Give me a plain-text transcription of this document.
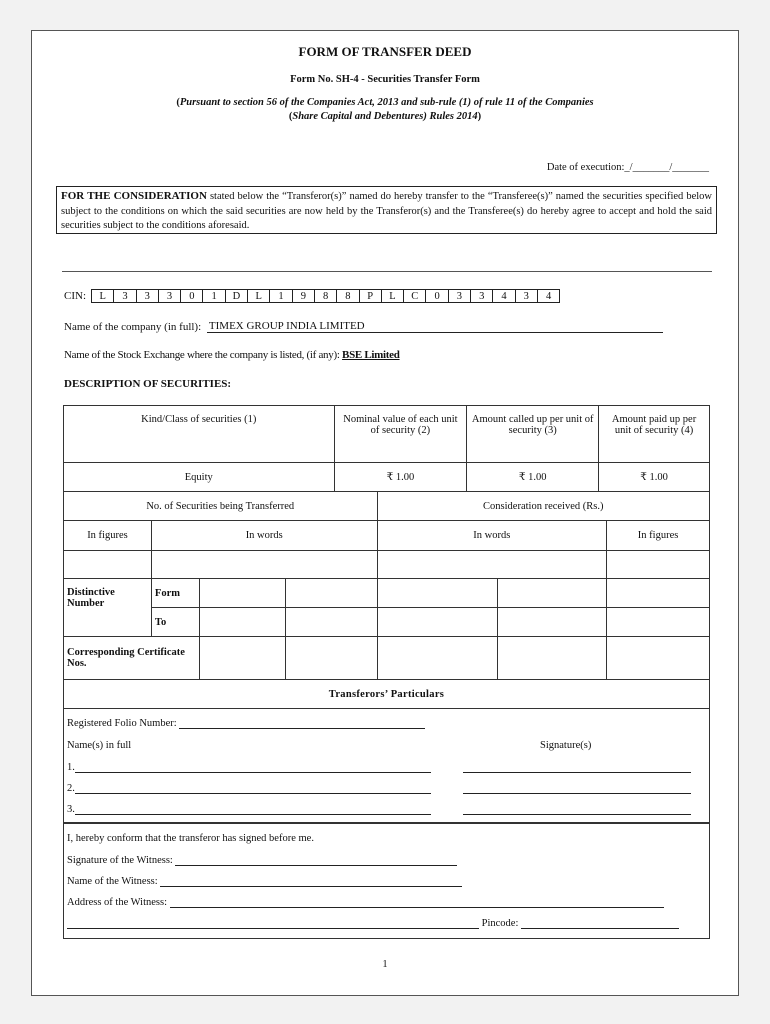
FORM OF TRANSFER DEED
Form No. SH-4 - Securities Transfer Form
(Pursuant to section 56 of the Companies Act, 2013 and sub-rule (1) of rule 11 of the Companies
(Share Capital and Debentures) Rules 2014)
Date of execution:_/_______/_______
FOR THE CONSIDERATION stated below the “Transferor(s)” named do hereby transfer to the “Transferee(s)” named the securities specified below subject to the conditions on which the said securities are now held by the Transferor(s) and the Transferee(s) do hereby agree to accept and hold the said securities subject to the conditions aforesaid.
CIN:	L	3	3	3	0	1	D	L	1	9	8	8	P	L	C	0	3	3	4	3	4
Name of the company (in full): TIMEX GROUP INDIA LIMITED
Name of the Stock Exchange where the company is listed, (if any): BSE Limited
DESCRIPTION OF SECURITIES:
Kind/Class of securities (1)	Nominal value of each unit of security (2)	Amount called up per unit of security (3)	Amount paid up per unit of security (4)
Equity	₹ 1.00	₹ 1.00	₹ 1.00
No. of Securities being Transferred				Consideration received (Rs.)		
In figures	In words			In words		In figures

Distinctive Number	Form					
	To					
Corresponding Certificate Nos.						
Transferors’ Particulars						
Registered Folio Number:
Name(s) in full	Signature(s)
1.
2.
3.
I, hereby conform that the transferor has signed before me.
Signature of the Witness:
Name of the Witness:
Address of the Witness:
Pincode:
1
